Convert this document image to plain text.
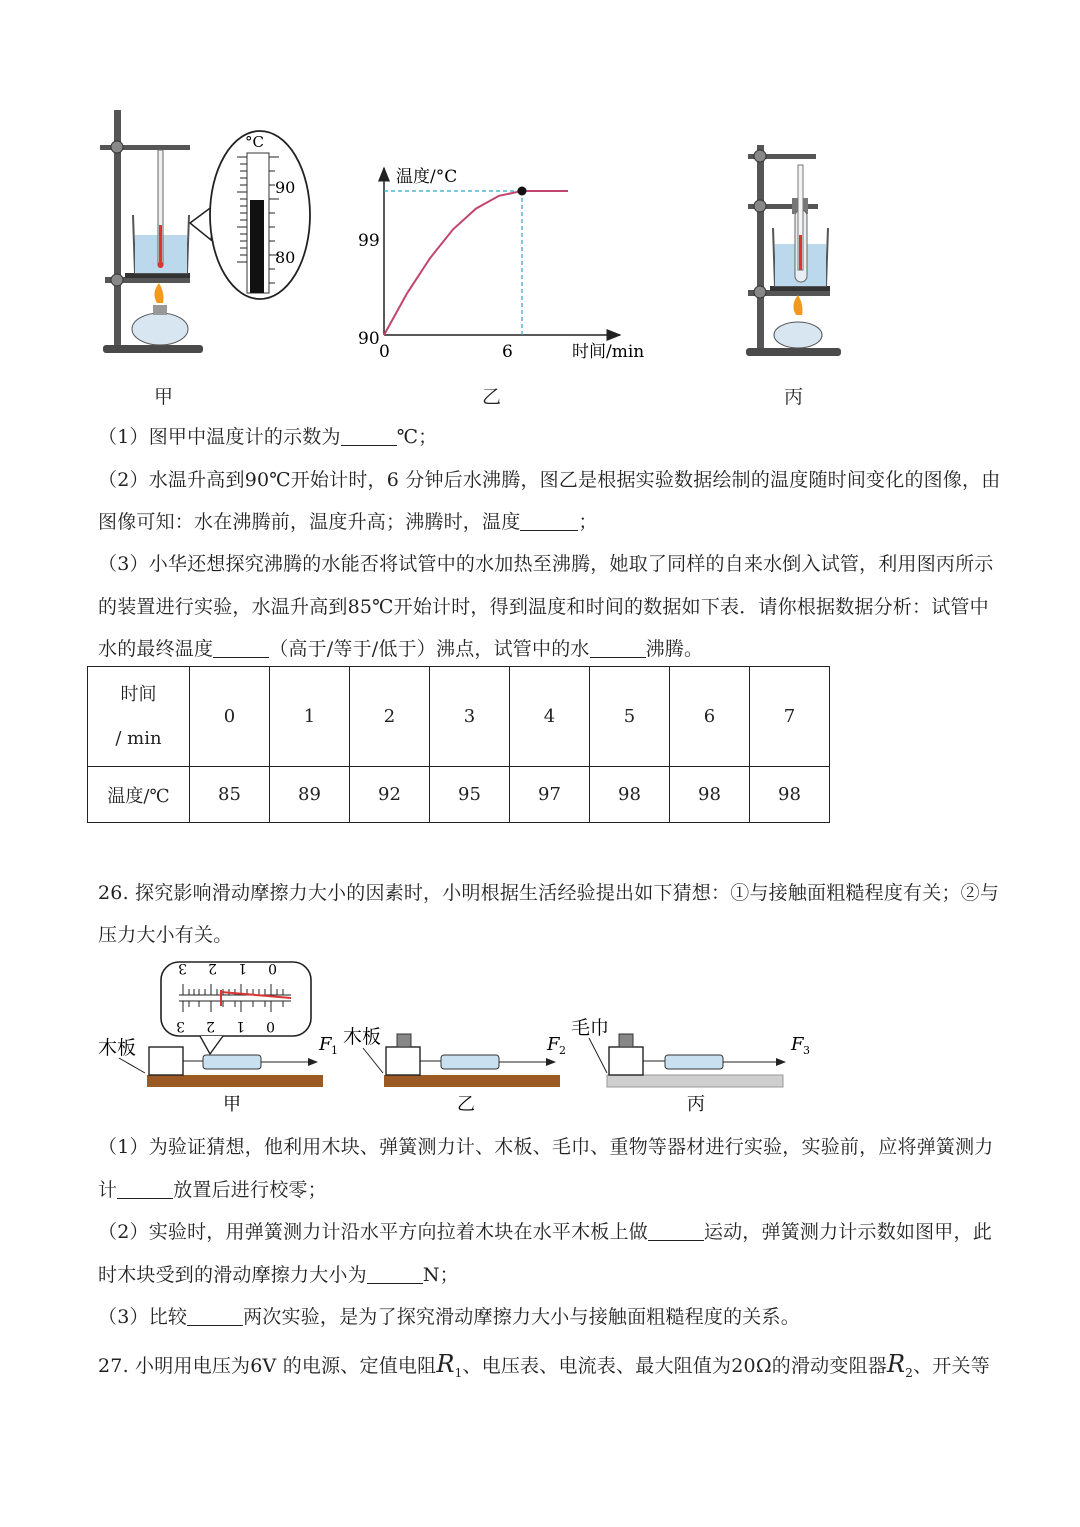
°C
90
80
甲
温度/°C
时间/min
99
90
0	6
乙	丙
（1）图甲中温度计的示数为	℃；
（2）水温升高到90℃开始计时，6 分钟后水沸腾，图乙是根据实验数据绘制的温度随时间变化的图像，由
图像可知：水在沸腾前，温度升高；沸腾时，温度	；
（3）小华还想探究沸腾的水能否将试管中的水加热至沸腾，她取了同样的自来水倒入试管，利用图丙所示
的装置进行实验，水温升高到85℃开始计时，得到温度和时间的数据如下表．请你根据数据分析：试管中
水的最终温度	（高于/等于/低于）沸点，试管中的水	沸腾。
时间
/ min	0	1	2	3	4	5	6	7
温度/℃	85	89	92	95	97	98	98	98
26. 探究影响滑动摩擦力大小的因素时，小明根据生活经验提出如下猜想：①与接触面粗糙程度有关；②与
压力大小有关。
3 2 1 0
3 2 1 0
木板	F 1
木板	F 2
毛巾
F 3
甲	乙	丙
（1）为验证猜想，他利用木块、弹簧测力计、木板、毛巾、重物等器材进行实验，实验前，应将弹簧测力
计	放置后进行校零；
（2）实验时，用弹簧测力计沿水平方向拉着木块在水平木板上做	运动，弹簧测力计示数如图甲，此
时木块受到的滑动摩擦力大小为	N；
（3）比较	两次实验，是为了探究滑动摩擦力大小与接触面粗糙程度的关系。
27. 小明用电压为6V 的电源、定值电阻$R_1$、电压表、电流表、最大阻值为20Ω的滑动变阻器$R_2$、开关等
